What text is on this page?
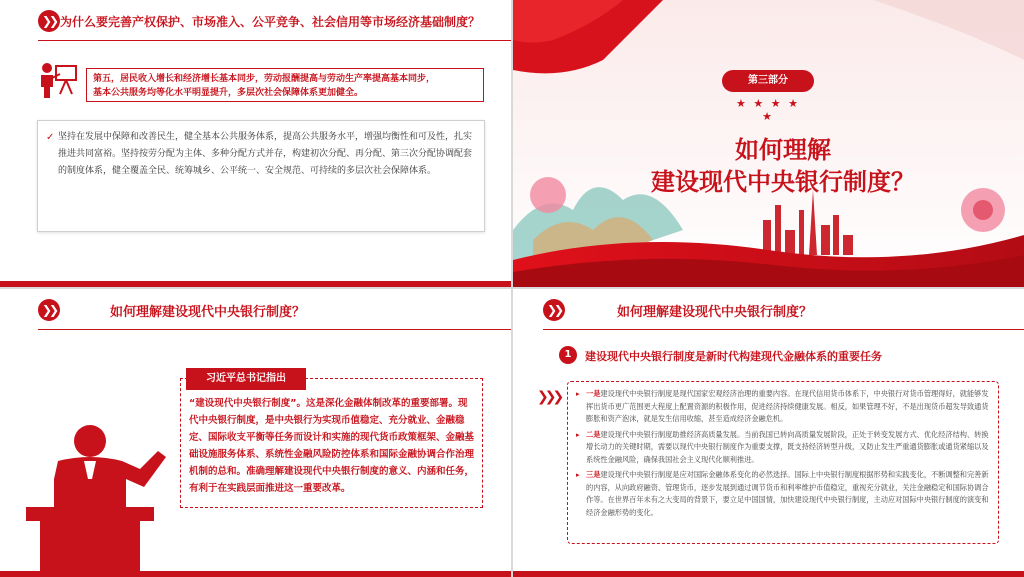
❯❯ 为什么要完善产权保护、市场准入、公平竞争、社会信用等市场经济基础制度？
第五，居民收入增长和经济增长基本同步，劳动报酬提高与劳动生产率提高基本同步，
基本公共服务均等化水平明显提升，多层次社会保障体系更加健全。
✓ 坚持在发展中保障和改善民生，健全基本公共服务体系，提高公共服务水平，增强均衡性和可及性，扎实推进共同富裕。坚持按劳分配为主体、多种分配方式并存，构建初次分配、再分配、第三次分配协调配套的制度体系，健全覆盖全民、统筹城乡、公平统一、安全规范、可持续的多层次社会保障体系。
第三部分
★ ★ ★ ★ ★
如何理解
建设现代中央银行制度？
❯❯	如何理解建设现代中央银行制度？
“建设现代中央银行制度”。这是深化金融体制改革的重要部署。现代中央银行制度，是中央银行为实现币值稳定、充分就业、金融稳定、国际收支平衡等任务而设计和实施的现代货币政策框架、金融基础设施服务体系、系统性金融风险防控体系和国际金融协调合作治理机制的总和。准确理解建设现代中央银行制度的意义、内涵和任务，有利于在实践层面推进这一重要改革。
习近平总书记指出
❯❯	如何理解建设现代中央银行制度？
1	建设现代中央银行制度是新时代构建现代金融体系的重要任务
❯❯❯ ▸ 一是建设现代中央银行制度是现代国家宏观经济治理的重要内容。在现代信用货币体系下，中央银行对货币管理得好，就能够发挥出货币更广范围更大程度上配置资源的积极作用，促进经济持续健康发展。相反，如果管理不好，不是出现货币超发导致通货膨胀和资产泡沫，就是发生信用收缩，甚至造成经济金融危机。
▸ 二是建设现代中央银行制度助推经济高质量发展。当前我国已转向高质量发展阶段，正处于转变发展方式、优化经济结构、转换增长动力的关键时期，需要以现代中央银行制度作为重要支撑，既支持经济转型升级，又防止发生严重通货膨胀或通货紧缩以及系统性金融风险，确保我国社会主义现代化顺利推进。
▸ 三是建设现代中央银行制度是应对国际金融体系变化的必然选择。国际上中央银行制度根据形势和实践变化，不断调整和完善新的内容，从向政府融资、管理货币，逐步发展到通过调节货币和利率维护币值稳定，重视充分就业，关注金融稳定和国际协调合作等。在世界百年未有之大变局的背景下，要立足中国国情，加快建设现代中央银行制度，主动应对国际中央银行制度的演变和经济金融形势的变化。
